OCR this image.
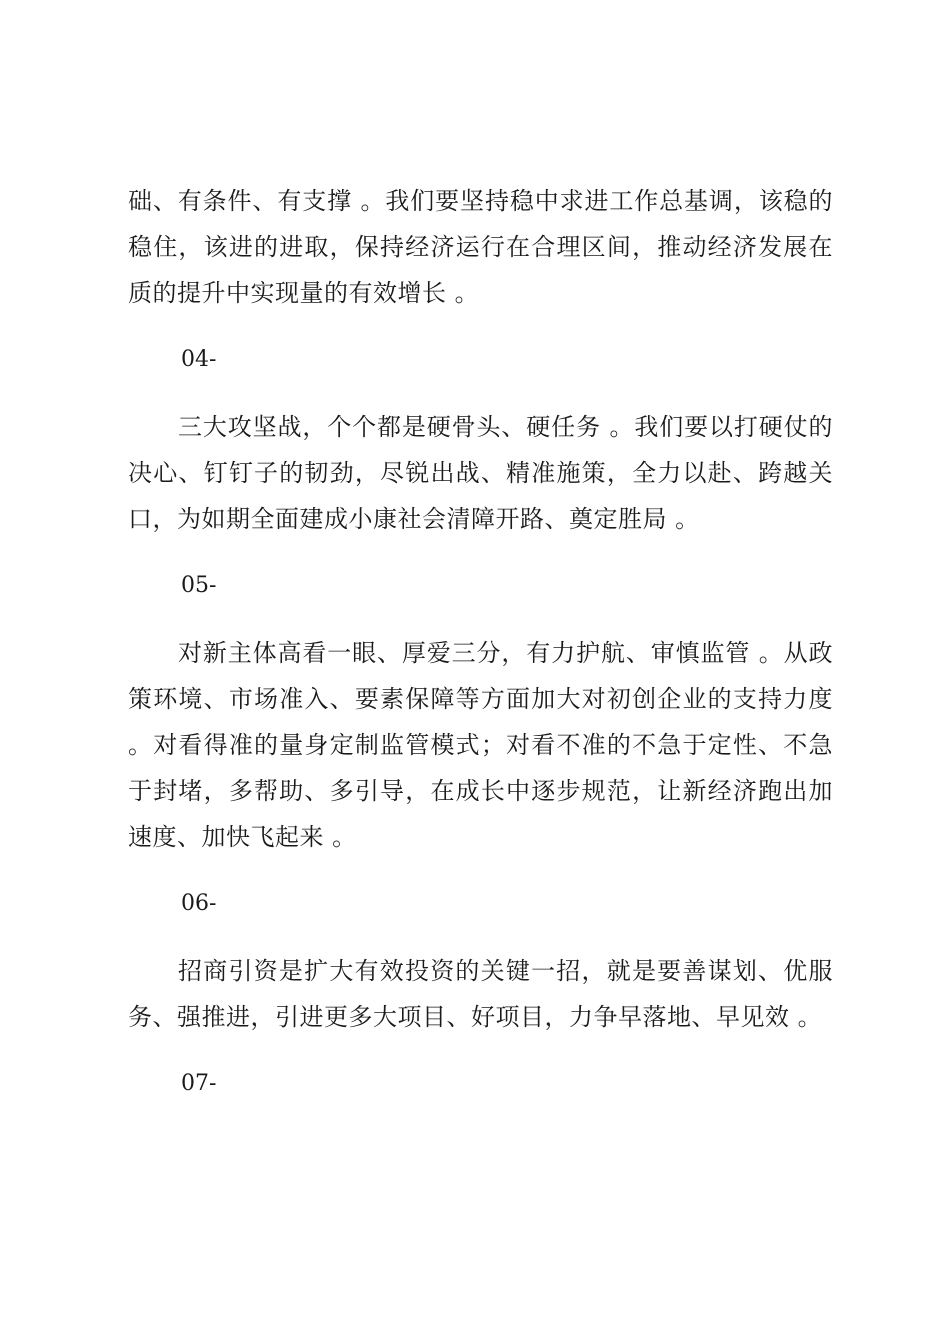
础、有条件、有支撑 。我们要坚持稳中求进工作总基调，该稳的稳住，该进的进取，保持经济运行在合理区间，推动经济发展在质的提升中实现量的有效增长 。

04-

三大攻坚战，个个都是硬骨头、硬任务 。我们要以打硬仗的决心、钉钉子的韧劲，尽锐出战、精准施策，全力以赴、跨越关口，为如期全面建成小康社会清障开路、奠定胜局 。

05-

对新主体高看一眼、厚爱三分，有力护航、审慎监管 。从政策环境、市场准入、要素保障等方面加大对初创企业的支持力度 。对看得准的量身定制监管模式；对看不准的不急于定性、不急于封堵，多帮助、多引导，在成长中逐步规范，让新经济跑出加速度、加快飞起来 。

06-

招商引资是扩大有效投资的关键一招，就是要善谋划、优服务、强推进，引进更多大项目、好项目，力争早落地、早见效 。

07-
